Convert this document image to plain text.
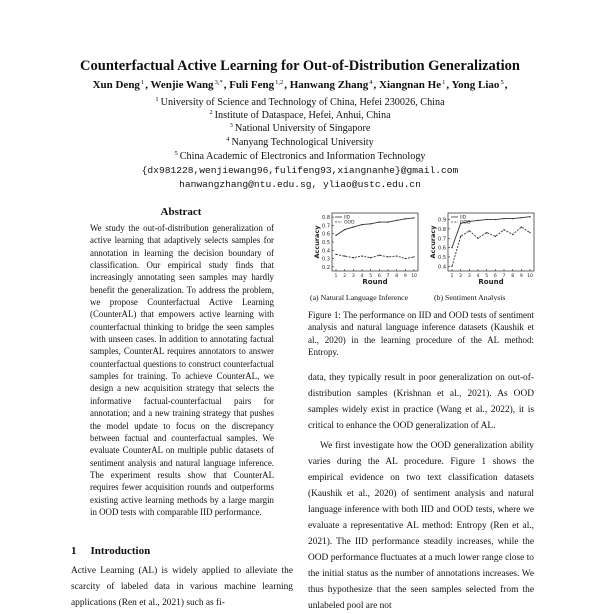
Counterfactual Active Learning for Out-of-Distribution Generalization
Xun Deng$^1$, Wenjie Wang$^{3,*}$, Fuli Feng$^{1,2}$, Hanwang Zhang$^4$, Xiangnan He$^1$, Yong Liao$^5$,
$^1$ University of Science and Technology of China, Hefei 230026, China
$^2$ Institute of Dataspace, Hefei, Anhui, China
$^3$ National University of Singapore
$^4$ Nanyang Technological University
$^5$ China Academic of Electronics and Information Technology
{dx981228,wenjiewang96,fulifeng93,xiangnanhe}@gmail.com
hanwangzhang@ntu.edu.sg, yliao@ustc.edu.cn
Abstract
We study the out-of-distribution generalization of active learning that adaptively selects samples for annotation in learning the decision boundary of classification. Our empirical study finds that increasingly annotating seen samples may hardly benefit the generalization. To address the problem, we propose Counterfactual Active Learning (CounterAL) that empowers active learning with counterfactual thinking to bridge the seen samples with unseen cases. In addition to annotating factual samples, CounterAL requires annotators to answer counterfactual questions to construct counterfactual samples for training. To achieve CounterAL, we design a new acquisition strategy that selects the informative factual-counterfactual pairs for annotation; and a new training strategy that pushes the model update to focus on the discrepancy between factual and counterfactual samples. We evaluate CounterAL on multiple public datasets of sentiment analysis and natural language inference. The experiment results show that CounterAL requires fewer acquisition rounds and outperforms existing active learning methods by a large margin in OOD tests with comparable IID performance.
1 Introduction
Active Learning (AL) is widely applied to alleviate the scarcity of labeled data in various machine learning applications (Ren et al., 2021) such as fi-
0.8
0.7
0.6
0.5
0.4
0.3
0.2
1 2 3 4 5 6 7 8 9 10
Round
Accuracy
IID
OOD	0.9
0.8
0.7
0.6
0.5
0.4
1 2 3 4 5 6 7 8 9 10
Round
Accuracy
IID
OOD
(a) Natural Language Inference	(b) Sentiment Analysis
Figure 1: The performance on IID and OOD tests of sentiment analysis and natural language inference datasets (Kaushik et al., 2020) in the learning procedure of the AL method: Entropy.

data, they typically result in poor generalization on out-of-distribution samples (Krishnan et al., 2021). As OOD samples widely exist in practice (Wang et al., 2022), it is critical to enhance the OOD generalization of AL.

We first investigate how the OOD generalization ability varies during the AL procedure. Figure 1 shows the empirical evidence on two text classification datasets (Kaushik et al., 2020) of sentiment analysis and natural language inference with both IID and OOD tests, where we evaluate a representative AL method: Entropy (Ren et al., 2021). The IID performance steadily increases, while the OOD performance fluctuates at a much lower range close to the initial status as the number of annotations increases. We thus hypothesize that the seen samples selected from the unlabeled pool are not
